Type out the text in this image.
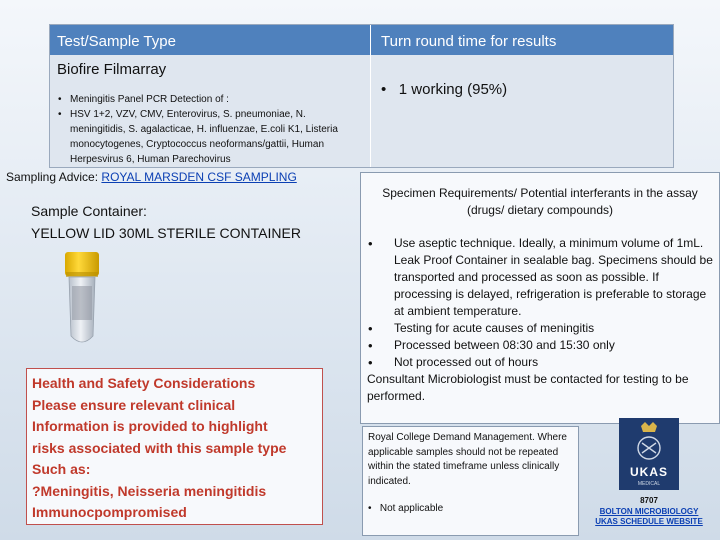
Test/Sample Type	Turn round time for results
Biofire Filmarray
• Meningitis Panel PCR Detection of :
• HSV 1+2, VZV, CMV, Enterovirus, S. pneumoniae, N. meningitidis, S. agalacticae, H. influenzae, E.coli K1, Listeria monocytogenes, Cryptococcus neoformans/gattii, Human Herpesvirus 6, Human Parechovirus
•   1 working (95%)
Sampling Advice: ROYAL MARSDEN CSF SAMPLING
Sample Container:
YELLOW LID 30ML STERILE CONTAINER

Health and Safety Considerations
Please ensure relevant clinical
Information is provided to highlight
risks associated with this sample type
Such as:
?Meningitis, Neisseria meningitidis
Immunocpompromised

Specimen Requirements/ Potential interferants in the assay (drugs/ dietary compounds)
• Use aseptic technique. Ideally, a minimum volume of 1mL. Leak Proof Container in sealable bag. Specimens should be transported and processed as soon as possible. If processing is delayed, refrigeration is preferable to storage at ambient temperature.
• Testing for acute causes of meningitis
• Processed between 08:30 and 15:30 only
• Not processed out of hours
Consultant Microbiologist must be contacted for testing to be performed.
Royal College Demand Management. Where applicable samples should not be repeated within the stated timeframe unless clinically indicated.
•   Not applicable
UKAS
MEDICAL
8707
BOLTON MICROBIOLOGY
UKAS SCHEDULE WEBSITE
